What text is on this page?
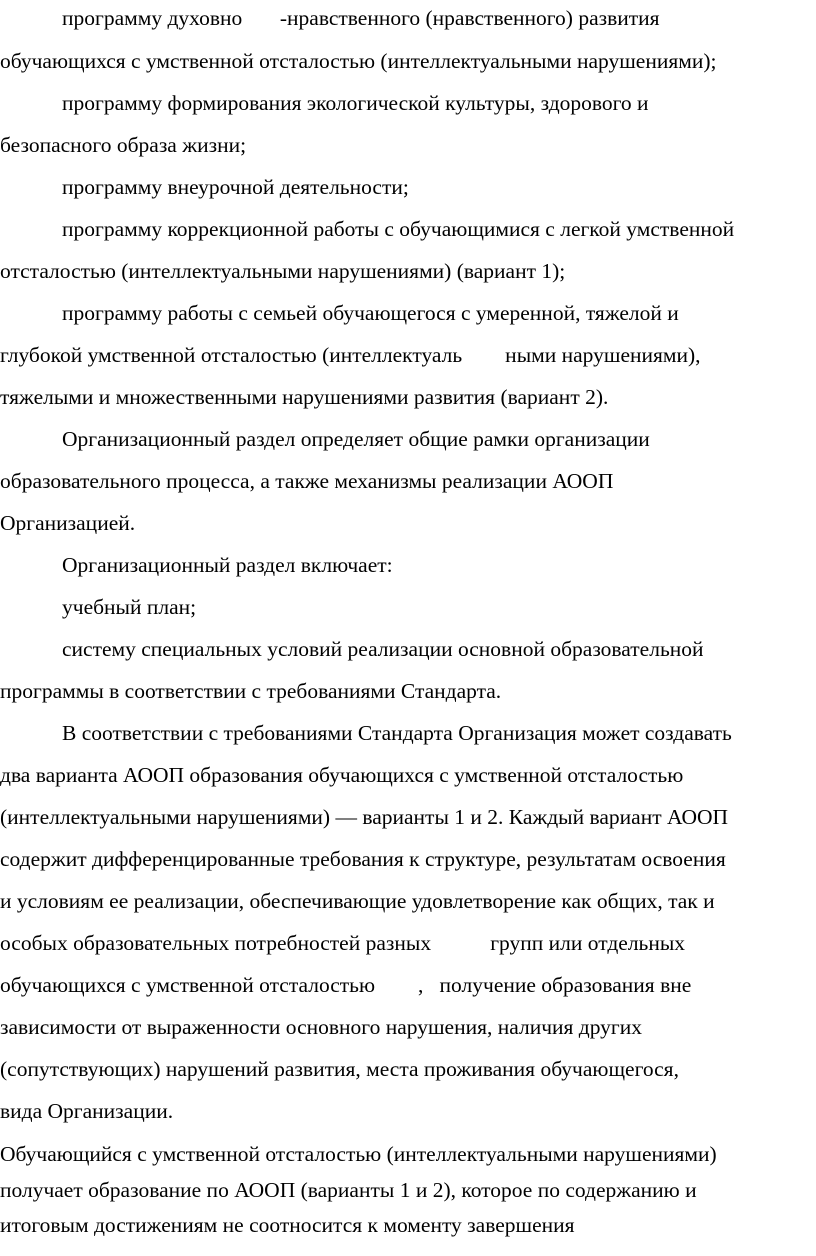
программу духовно       -нравственного (нравственного) развития
обучающихся с умственной отсталостью (интеллектуальными нарушениями);
программу формирования экологической культуры, здорового и
безопасного образа жизни;
программу внеурочной деятельности;
программу коррекционной работы с обучающимися с легкой умственной
отсталостью (интеллектуальными нарушениями) (вариант 1);
программу работы с семьей обучающегося с умеренной, тяжелой и
глубокой умственной отсталостью (интеллектуаль        ными нарушениями),
тяжелыми и множественными нарушениями развития (вариант 2).
Организационный раздел определяет общие рамки организации
образовательного процесса, а также механизмы реализации АООП
Организацией.
Организационный раздел включает:
учебный план;
систему специальных условий реализации основной образовательной
программы в соответствии с требованиями Стандарта.
В соответствии с требованиями Стандарта Организация может создавать
два варианта АООП образования обучающихся с умственной отсталостью
(интеллектуальными нарушениями) — варианты 1 и 2. Каждый вариант АООП
содержит дифференцированные требования к структуре, результатам освоения
и условиям ее реализации, обеспечивающие удовлетворение как общих, так и
особых образовательных потребностей разных           групп или отдельных
обучающихся с умственной отсталостью        ,   получение образования вне
зависимости от выраженности основного нарушения, наличия других
(сопутствующих) нарушений развития, места проживания обучающегося,
вида Организации.
Обучающийся с умственной отсталостью (интеллектуальными нарушениями)
получает образование по АООП (варианты 1 и 2), которое по содержанию и
итоговым достижениям не соотносится к моменту завершения
